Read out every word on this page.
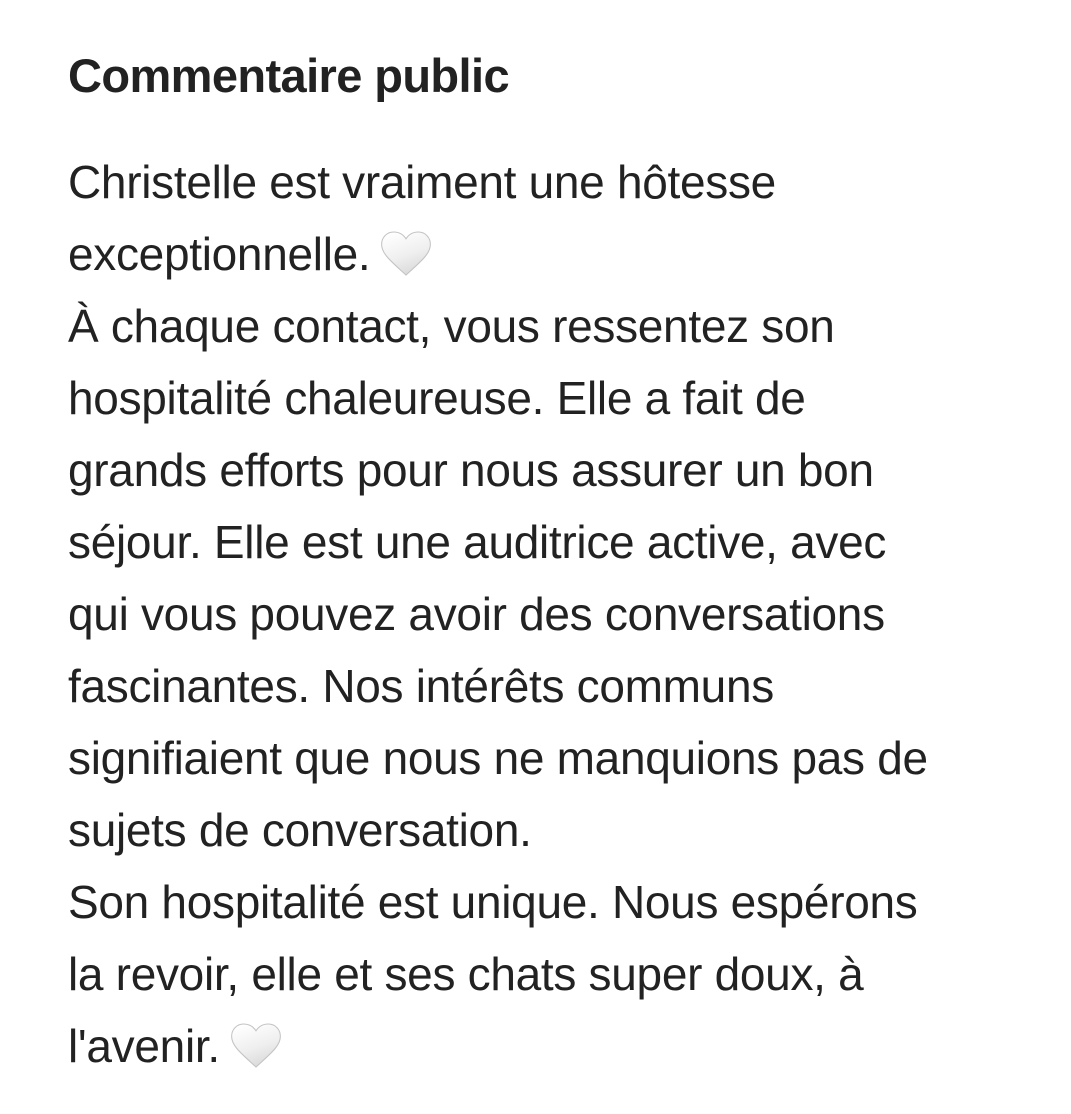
Commentaire public
Christelle est vraiment une hôtesse
exceptionnelle.
À chaque contact, vous ressentez son
hospitalité chaleureuse. Elle a fait de
grands efforts pour nous assurer un bon
séjour. Elle est une auditrice active, avec
qui vous pouvez avoir des conversations
fascinantes. Nos intérêts communs
signifiaient que nous ne manquions pas de
sujets de conversation.
Son hospitalité est unique. Nous espérons
la revoir, elle et ses chats super doux, à
l'avenir.
